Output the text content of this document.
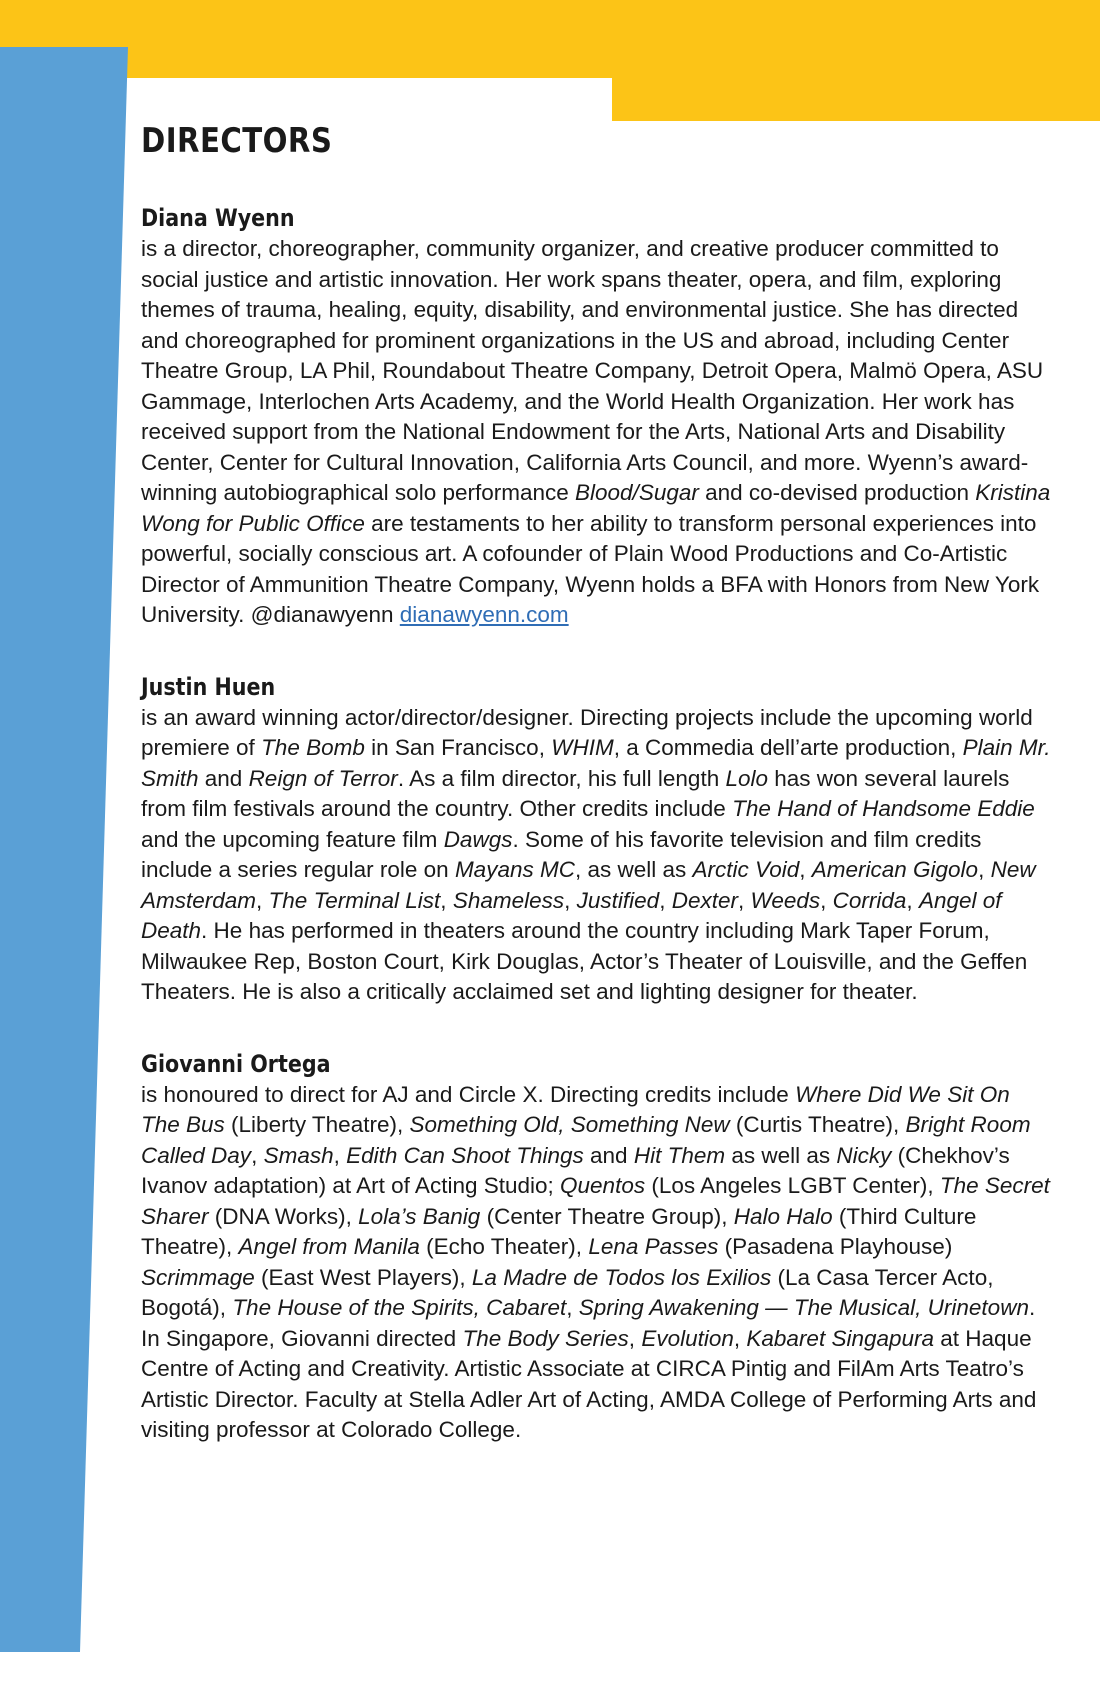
DIRECTORS
Diana Wyenn

is a director, choreographer, community organizer, and creative producer committed to social justice and artistic innovation. Her work spans theater, opera, and film, exploring themes of trauma, healing, equity, disability, and environmental justice. She has directed and choreographed for prominent organizations in the US and abroad, including Center Theatre Group, LA Phil, Roundabout Theatre Company, Detroit Opera, Malmö Opera, ASU Gammage, Interlochen Arts Academy, and the World Health Organization. Her work has received support from the National Endowment for the Arts, National Arts and Disability Center, Center for Cultural Innovation, California Arts Council, and more. Wyenn’s award-winning autobiographical solo performance Blood/Sugar and co-devised production Kristina Wong for Public Office are testaments to her ability to transform personal experiences into powerful, socially conscious art. A cofounder of Plain Wood Productions and Co-Artistic Director of Ammunition Theatre Company, Wyenn holds a BFA with Honors from New York University. @dianawyenn dianawyenn.com

Justin Huen

is an award winning actor/director/designer. Directing projects include the upcoming world premiere of The Bomb in San Francisco, WHIM, a Commedia dell’arte production, Plain Mr. Smith and Reign of Terror. As a film director, his full length Lolo has won several laurels from film festivals around the country. Other credits include The Hand of Handsome Eddie and the upcoming feature film Dawgs. Some of his favorite television and film credits include a series regular role on Mayans MC, as well as Arctic Void, American Gigolo, New Amsterdam, The Terminal List, Shameless, Justified, Dexter, Weeds, Corrida, Angel of Death. He has performed in theaters around the country including Mark Taper Forum, Milwaukee Rep, Boston Court, Kirk Douglas, Actor’s Theater of Louisville, and the Geffen Theaters. He is also a critically acclaimed set and lighting designer for theater.

Giovanni Ortega

is honoured to direct for AJ and Circle X. Directing credits include Where Did We Sit On The Bus (Liberty Theatre), Something Old, Something New (Curtis Theatre), Bright Room Called Day, Smash, Edith Can Shoot Things and Hit Them as well as Nicky (Chekhov’s Ivanov adaptation) at Art of Acting Studio; Quentos (Los Angeles LGBT Center), The Secret Sharer (DNA Works), Lola’s Banig (Center Theatre Group), Halo Halo (Third Culture Theatre), Angel from Manila (Echo Theater), Lena Passes (Pasadena Playhouse) Scrimmage (East West Players), La Madre de Todos los Exilios (La Casa Tercer Acto, Bogotá), The House of the Spirits, Cabaret, Spring Awakening — The Musical, Urinetown. In Singapore, Giovanni directed The Body Series, Evolution, Kabaret Singapura at Haque Centre of Acting and Creativity. Artistic Associate at CIRCA Pintig and FilAm Arts Teatro’s Artistic Director. Faculty at Stella Adler Art of Acting, AMDA College of Performing Arts and visiting professor at Colorado College.
